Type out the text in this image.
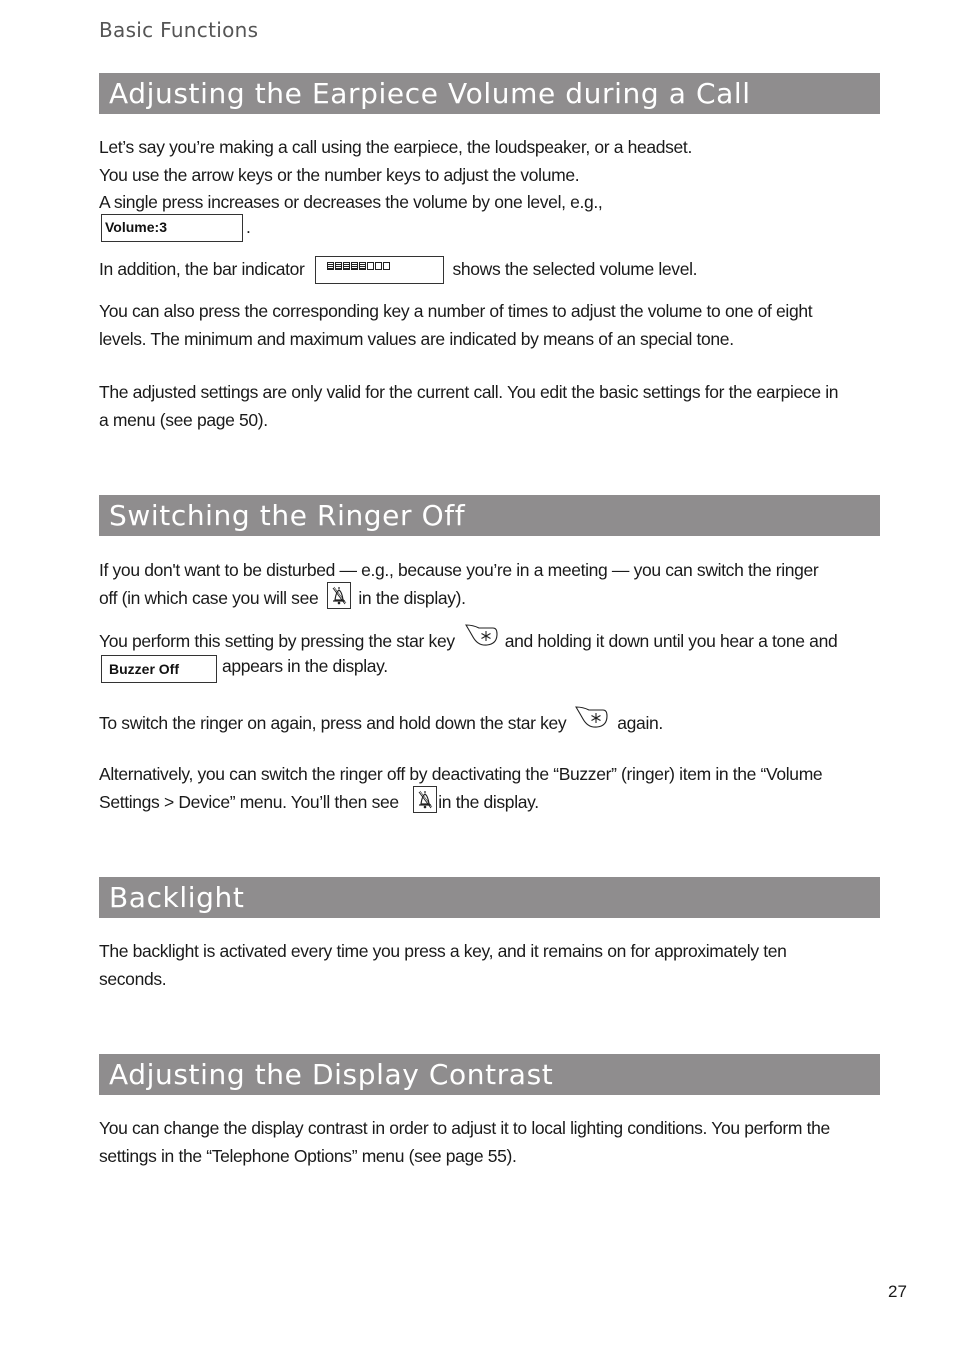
Basic Functions
Adjusting the Earpiece Volume during a Call
Let’s say you’re making a call using the earpiece, the loudspeaker, or a headset.
You use the arrow keys or the number keys to adjust the volume.
A single press increases or decreases the volume by one level, e.g.,
Volume:3	.
In addition, the bar indicator	shows the selected volume level.
You can also press the corresponding key a number of times to adjust the volume to one of eight
levels. The minimum and maximum values are indicated by means of an special tone.
The adjusted settings are only valid for the current call. You edit the basic settings for the earpiece in
a menu (see page 50).
Switching the Ringer Off
If you don't want to be disturbed — e.g., because you’re in a meeting — you can switch the ringer
off (in which case you will see in the display).
You perform this setting by pressing the star key	and holding it down until you hear a tone and
Buzzer Off appears in the display.
To switch the ringer on again, press and hold down the star key	again.
Alternatively, you can switch the ringer off by deactivating the “Buzzer” (ringer) item in the “Volume
Settings > Device” menu. You’ll then see in the display.
Backlight
The backlight is activated every time you press a key, and it remains on for approximately ten
seconds.
Adjusting the Display Contrast
You can change the display contrast in order to adjust it to local lighting conditions. You perform the
settings in the “Telephone Options” menu (see page 55).
27
